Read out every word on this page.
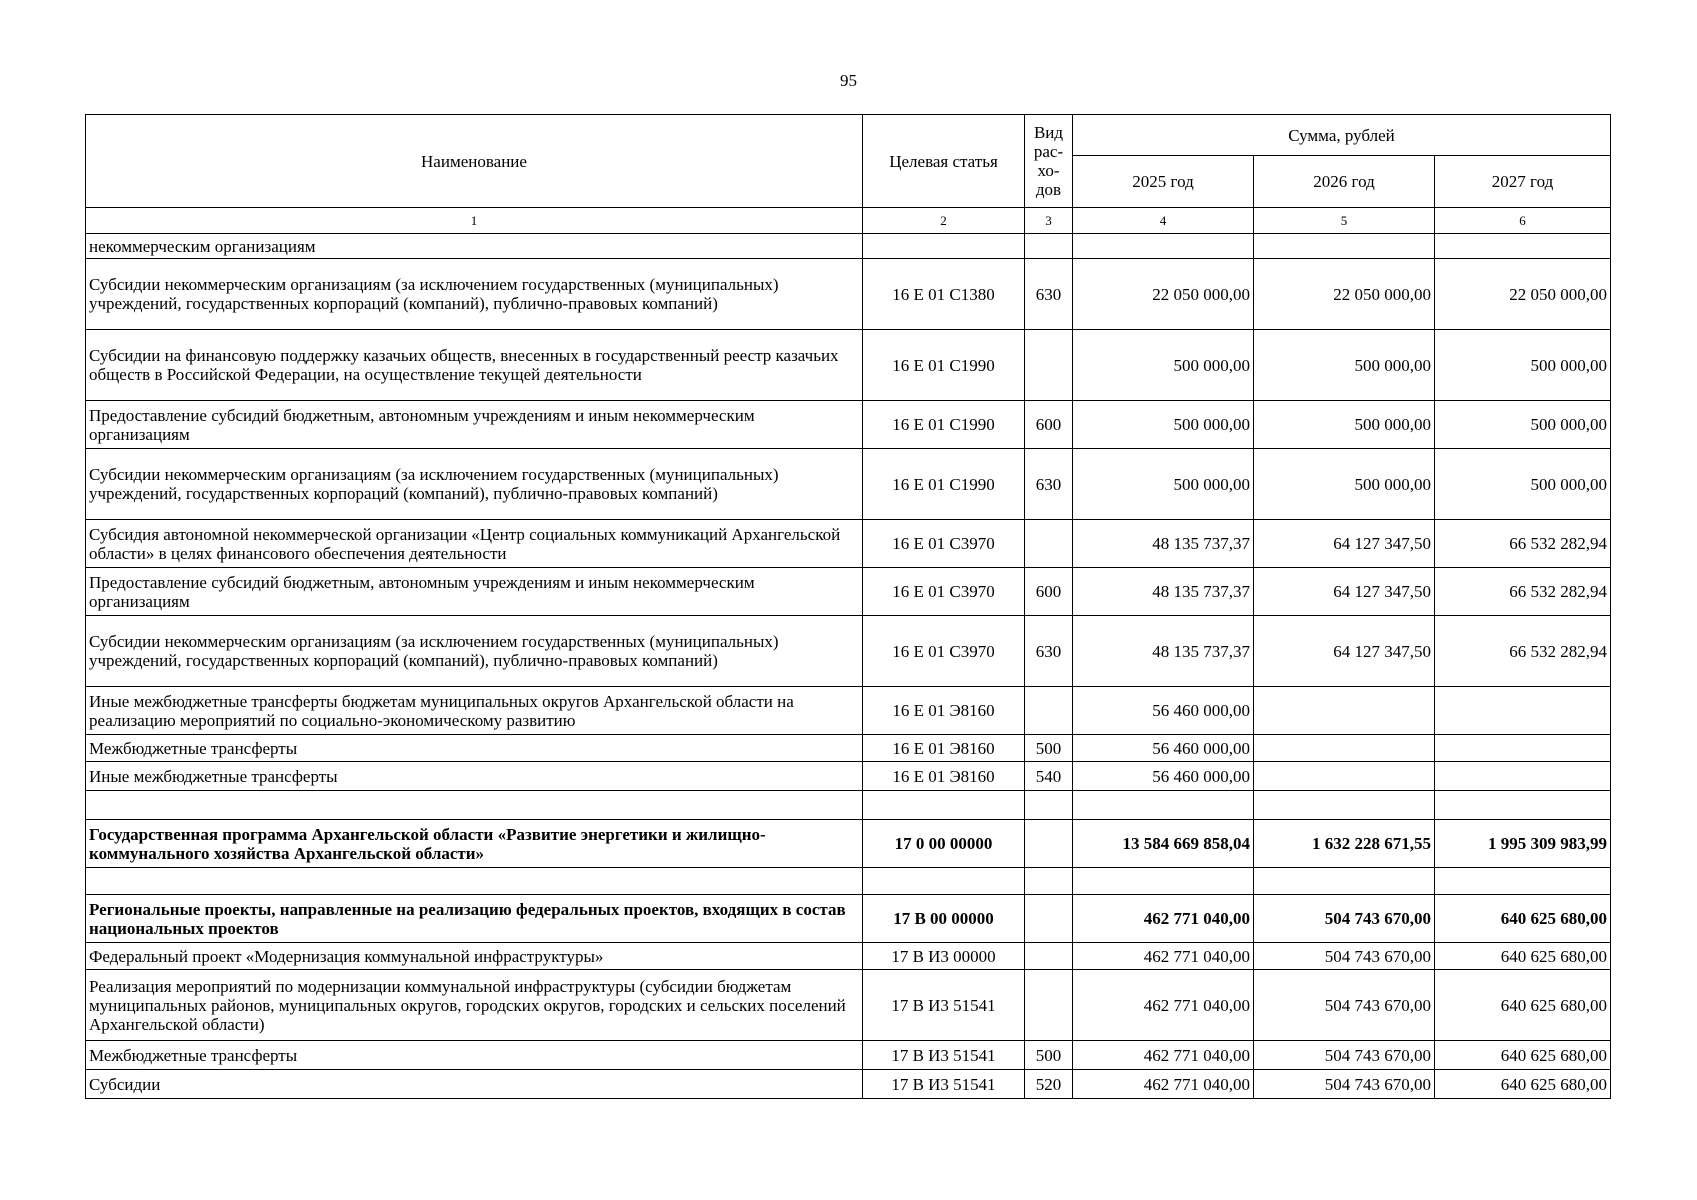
95
Наименование	Целевая статья	Вид
рас-
хо-
дов	Сумма, рублей		
			2025 год	2026 год	2027 год
1	2	3	4	5	6
некоммерческим организациям					
Субсидии некоммерческим организациям (за исключением государственных (муниципальных) учреждений, государственных корпораций (компаний), публично-правовых компаний)	16 Е 01 С1380	630	22 050 000,00	22 050 000,00	22 050 000,00
Субсидии на финансовую поддержку казачьих обществ, внесенных в государственный реестр казачьих обществ в Российской Федерации, на осуществление текущей деятельности	16 Е 01 С1990		500 000,00	500 000,00	500 000,00
Предоставление субсидий бюджетным, автономным учреждениям и иным некоммерческим организациям	16 Е 01 С1990	600	500 000,00	500 000,00	500 000,00
Субсидии некоммерческим организациям (за исключением государственных (муниципальных) учреждений, государственных корпораций (компаний), публично-правовых компаний)	16 Е 01 С1990	630	500 000,00	500 000,00	500 000,00
Субсидия автономной некоммерческой организации «Центр социальных коммуникаций Архангельской области» в целях финансового обеспечения деятельности	16 Е 01 С3970		48 135 737,37	64 127 347,50	66 532 282,94
Предоставление субсидий бюджетным, автономным учреждениям и иным некоммерческим организациям	16 Е 01 С3970	600	48 135 737,37	64 127 347,50	66 532 282,94
Субсидии некоммерческим организациям (за исключением государственных (муниципальных) учреждений, государственных корпораций (компаний), публично-правовых компаний)	16 Е 01 С3970	630	48 135 737,37	64 127 347,50	66 532 282,94
Иные межбюджетные трансферты бюджетам муниципальных округов Архангельской области на реализацию мероприятий по социально-экономическому развитию	16 Е 01 Э8160		56 460 000,00		
Межбюджетные трансферты	16 Е 01 Э8160	500	56 460 000,00		
Иные межбюджетные трансферты	16 Е 01 Э8160	540	56 460 000,00		

Государственная программа Архангельской области «Развитие энергетики и жилищно-коммунального хозяйства Архангельской области»	17 0 00 00000		13 584 669 858,04	1 632 228 671,55	1 995 309 983,99

Региональные проекты, направленные на реализацию федеральных проектов, входящих в состав национальных проектов	17 В 00 00000		462 771 040,00	504 743 670,00	640 625 680,00
Федеральный проект «Модернизация коммунальной инфраструктуры»	17 В И3 00000		462 771 040,00	504 743 670,00	640 625 680,00
Реализация мероприятий по модернизации коммунальной инфраструктуры (субсидии бюджетам муниципальных районов, муниципальных округов, городских округов, городских и сельских поселений Архангельской области)	17 В И3 51541		462 771 040,00	504 743 670,00	640 625 680,00
Межбюджетные трансферты	17 В И3 51541	500	462 771 040,00	504 743 670,00	640 625 680,00
Субсидии	17 В И3 51541	520	462 771 040,00	504 743 670,00	640 625 680,00
